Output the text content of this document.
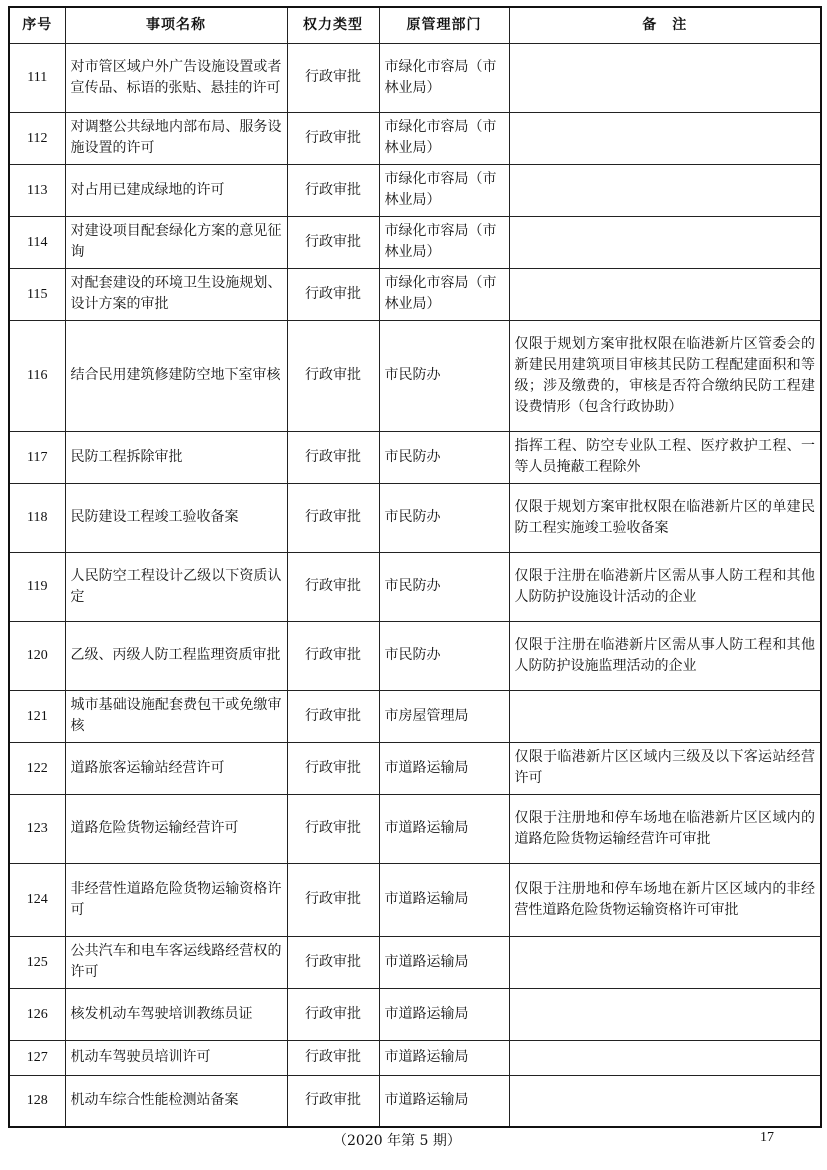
序号	事项名称	权力类型	原管理部门	备　注
111	对市管区域户外广告设施设置或者宣传品、标语的张贴、悬挂的许可	行政审批	市绿化市容局（市林业局）	
112	对调整公共绿地内部布局、服务设施设置的许可	行政审批	市绿化市容局（市林业局）	
113	对占用已建成绿地的许可	行政审批	市绿化市容局（市林业局）	
114	对建设项目配套绿化方案的意见征询	行政审批	市绿化市容局（市林业局）	
115	对配套建设的环境卫生设施规划、设计方案的审批	行政审批	市绿化市容局（市林业局）	
116	结合民用建筑修建防空地下室审核	行政审批	市民防办	仅限于规划方案审批权限在临港新片区管委会的新建民用建筑项目审核其民防工程配建面积和等级；涉及缴费的，审核是否符合缴纳民防工程建设费情形（包含行政协助）
117	民防工程拆除审批	行政审批	市民防办	指挥工程、防空专业队工程、医疗救护工程、一等人员掩蔽工程除外
118	民防建设工程竣工验收备案	行政审批	市民防办	仅限于规划方案审批权限在临港新片区的单建民防工程实施竣工验收备案
119	人民防空工程设计乙级以下资质认定	行政审批	市民防办	仅限于注册在临港新片区需从事人防工程和其他人防防护设施设计活动的企业
120	乙级、丙级人防工程监理资质审批	行政审批	市民防办	仅限于注册在临港新片区需从事人防工程和其他人防防护设施监理活动的企业
121	城市基础设施配套费包干或免缴审核	行政审批	市房屋管理局	
122	道路旅客运输站经营许可	行政审批	市道路运输局	仅限于临港新片区区域内三级及以下客运站经营许可
123	道路危险货物运输经营许可	行政审批	市道路运输局	仅限于注册地和停车场地在临港新片区区域内的道路危险货物运输经营许可审批
124	非经营性道路危险货物运输资格许可	行政审批	市道路运输局	仅限于注册地和停车场地在新片区区域内的非经营性道路危险货物运输资格许可审批
125	公共汽车和电车客运线路经营权的许可	行政审批	市道路运输局	
126	核发机动车驾驶培训教练员证	行政审批	市道路运输局	
127	机动车驾驶员培训许可	行政审批	市道路运输局	
128	机动车综合性能检测站备案	行政审批	市道路运输局	
（2020 年第 5 期）	17
